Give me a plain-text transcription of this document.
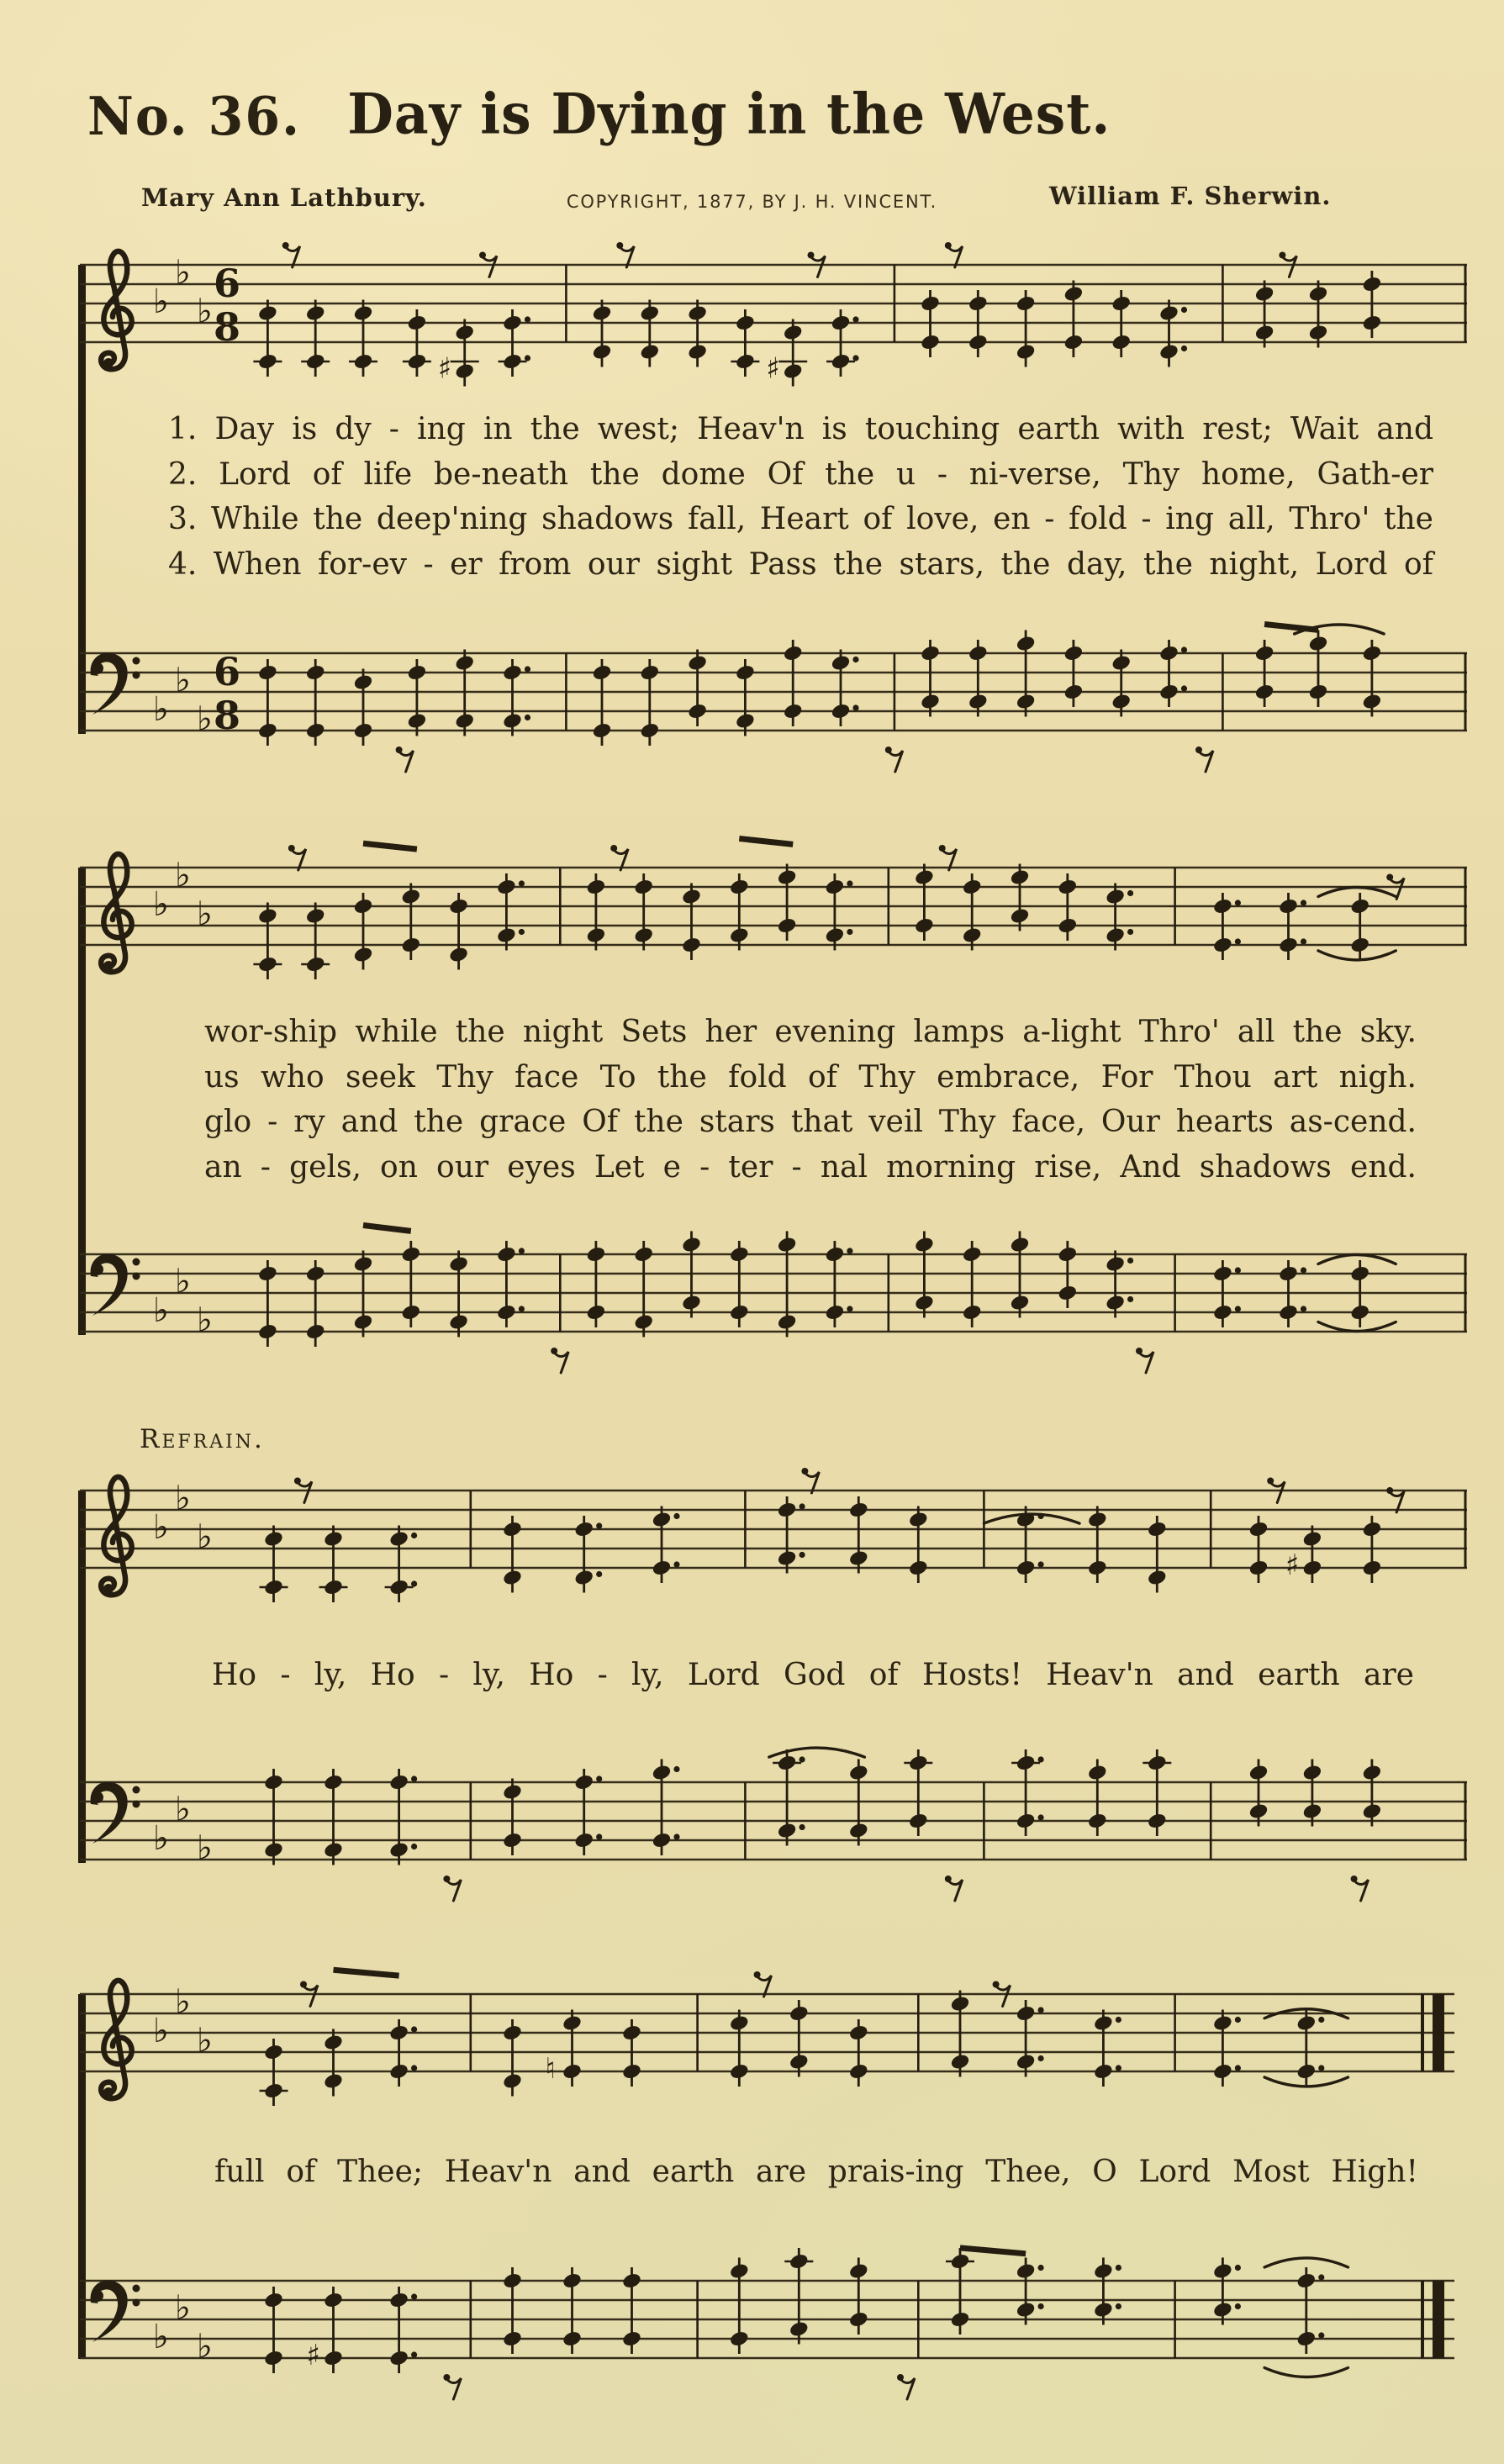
No. 36. Day is Dying in the West.
Mary Ann Lathbury.	COPYRIGHT, 1877, BY J. H. VINCENT.	William F. Sherwin.
1. Day is dy - ing in the west; Heav'n is touching earth with rest; Wait and
2. Lord of life be-neath the dome Of the u - ni-verse, Thy home, Gath-er
3. While the deep'ning shadows fall, Heart of love, en - fold - ing all, Thro' the
4. When for-ev - er from our sight Pass the stars, the day, the night, Lord of
wor-ship while the night Sets her evening lamps a-light Thro' all the sky.
us who seek Thy face To the fold of Thy embrace, For Thou art nigh.
glo - ry and the grace Of the stars that veil Thy face, Our hearts as-cend.
an - gels, on our eyes Let e - ter - nal morning rise, And shadows end.
Refrain.
Ho - ly, Ho - ly, Ho - ly, Lord God of Hosts! Heav'n and earth are
full of Thee; Heav'n and earth are prais-ing Thee, O Lord Most High!
♭
♭
♭
6
8
♯	♯
♭
♭
♭
6
8
♭
♭
♭
♭
♭
♭
♭
♭
♭
♯
♭
♭
♭
♭
♭
♭
♮
♭
♭
♭	♯
